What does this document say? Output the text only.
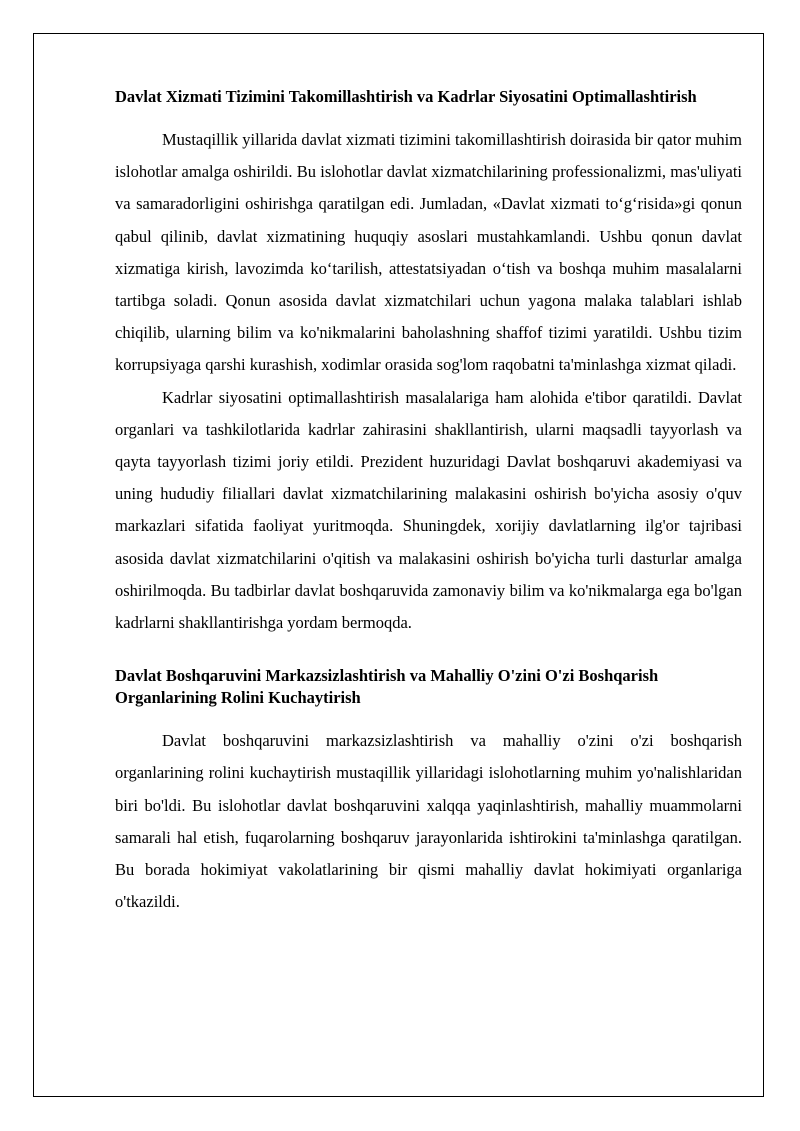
Davlat Xizmati Tizimini Takomillashtirish va Kadrlar Siyosatini Optimallashtirish

Mustaqillik yillarida davlat xizmati tizimini takomillashtirish doirasida bir qator muhim islohotlar amalga oshirildi. Bu islohotlar davlat xizmatchilarining professionalizmi, mas'uliyati va samaradorligini oshirishga qaratilgan edi. Jumladan, «Davlat xizmati to‘g‘risida»gi qonun qabul qilinib, davlat xizmatining huquqiy asoslari mustahkamlandi. Ushbu qonun davlat xizmatiga kirish, lavozimda ko‘tarilish, attestatsiyadan o‘tish va boshqa muhim masalalarni tartibga soladi. Qonun asosida davlat xizmatchilari uchun yagona malaka talablari ishlab chiqilib, ularning bilim va ko'nikmalarini baholashning shaffof tizimi yaratildi. Ushbu tizim korrupsiyaga qarshi kurashish, xodimlar orasida sog'lom raqobatni ta'minlashga xizmat qiladi.

Kadrlar siyosatini optimallashtirish masalalariga ham alohida e'tibor qaratildi. Davlat organlari va tashkilotlarida kadrlar zahirasini shakllantirish, ularni maqsadli tayyorlash va qayta tayyorlash tizimi joriy etildi. Prezident huzuridagi Davlat boshqaruvi akademiyasi va uning hududiy filiallari davlat xizmatchilarining malakasini oshirish bo'yicha asosiy o'quv markazlari sifatida faoliyat yuritmoqda. Shuningdek, xorijiy davlatlarning ilg'or tajribasi asosida davlat xizmatchilarini o'qitish va malakasini oshirish bo'yicha turli dasturlar amalga oshirilmoqda. Bu tadbirlar davlat boshqaruvida zamonaviy bilim va ko'nikmalarga ega bo'lgan kadrlarni shakllantirishga yordam bermoqda.

Davlat Boshqaruvini Markazsizlashtirish va Mahalliy O'zini O'zi Boshqarish Organlarining Rolini Kuchaytirish

Davlat boshqaruvini markazsizlashtirish va mahalliy o'zini o'zi boshqarish organlarining rolini kuchaytirish mustaqillik yillaridagi islohotlarning muhim yo'nalishlaridan biri bo'ldi. Bu islohotlar davlat boshqaruvini xalqqa yaqinlashtirish, mahalliy muammolarni samarali hal etish, fuqarolarning boshqaruv jarayonlarida ishtirokini ta'minlashga qaratilgan. Bu borada hokimiyat vakolatlarining bir qismi mahalliy davlat hokimiyati organlariga o'tkazildi.
